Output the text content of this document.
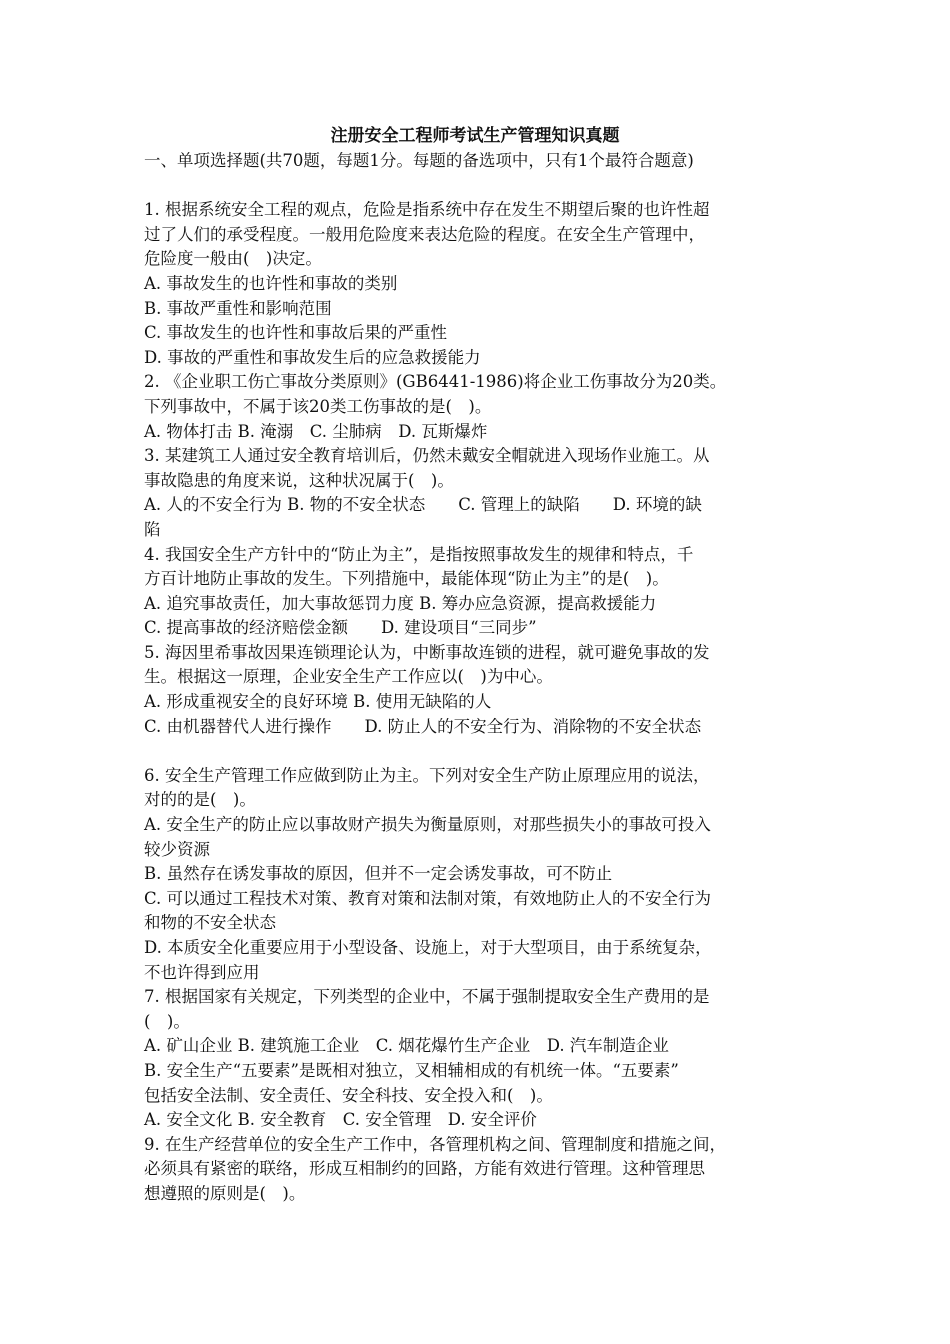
注册安全工程师考试生产管理知识真题

一、单项选择题(共70题，每题1分。每题的备选项中，只有1个最符合题意)

1. 根据系统安全工程的观点，危险是指系统中存在发生不期望后聚的也许性超

过了人们的承受程度。一般用危险度来表达危险的程度。在安全生产管理中，

危险度一般由(　)决定。

A. 事故发生的也许性和事故的类别

B. 事故严重性和影响范围

C. 事故发生的也许性和事故后果的严重性

D. 事故的严重性和事故发生后的应急救援能力

2. 《企业职工伤亡事故分类原则》(GB6441-1986)将企业工伤事故分为20类。

下列事故中，不属于该20类工伤事故的是(　)。

A. 物体打击 B. 淹溺　C. 尘肺病　D. 瓦斯爆炸

3. 某建筑工人通过安全教育培训后，仍然未戴安全帽就进入现场作业施工。从

事故隐患的角度来说，这种状况属于(　)。

A. 人的不安全行为 B. 物的不安全状态　　C. 管理上的缺陷　　D. 环境的缺

陷

4. 我国安全生产方针中的“防止为主”，是指按照事故发生的规律和特点，千

方百计地防止事故的发生。下列措施中，最能体现“防止为主”的是(　)。

A. 追究事故责任，加大事故惩罚力度 B. 筹办应急资源，提高救援能力

C. 提高事故的经济赔偿金额　　D. 建设项目“三同步”

5. 海因里希事故因果连锁理论认为，中断事故连锁的进程，就可避免事故的发

生。根据这一原理，企业安全生产工作应以(　)为中心。

A. 形成重视安全的良好环境 B. 使用无缺陷的人

C. 由机器替代人进行操作　　D. 防止人的不安全行为、消除物的不安全状态

6. 安全生产管理工作应做到防止为主。下列对安全生产防止原理应用的说法，

对的的是(　)。

A. 安全生产的防止应以事故财产损失为衡量原则，对那些损失小的事故可投入

较少资源

B. 虽然存在诱发事故的原因，但并不一定会诱发事故，可不防止

C. 可以通过工程技术对策、教育对策和法制对策，有效地防止人的不安全行为

和物的不安全状态

D. 本质安全化重要应用于小型设备、设施上，对于大型项目，由于系统复杂，

不也许得到应用

7. 根据国家有关规定，下列类型的企业中，不属于强制提取安全生产费用的是

(　)。

A. 矿山企业 B. 建筑施工企业　C. 烟花爆竹生产企业　D. 汽车制造企业

B. 安全生产“五要素”是既相对独立，叉相辅相成的有机统一体。“五要素”

包括安全法制、安全责任、安全科技、安全投入和(　)。

A. 安全文化 B. 安全教育　C. 安全管理　D. 安全评价

9. 在生产经营单位的安全生产工作中，各管理机构之间、管理制度和措施之间，

必须具有紧密的联络，形成互相制约的回路，方能有效进行管理。这种管理思

想遵照的原则是(　)。
